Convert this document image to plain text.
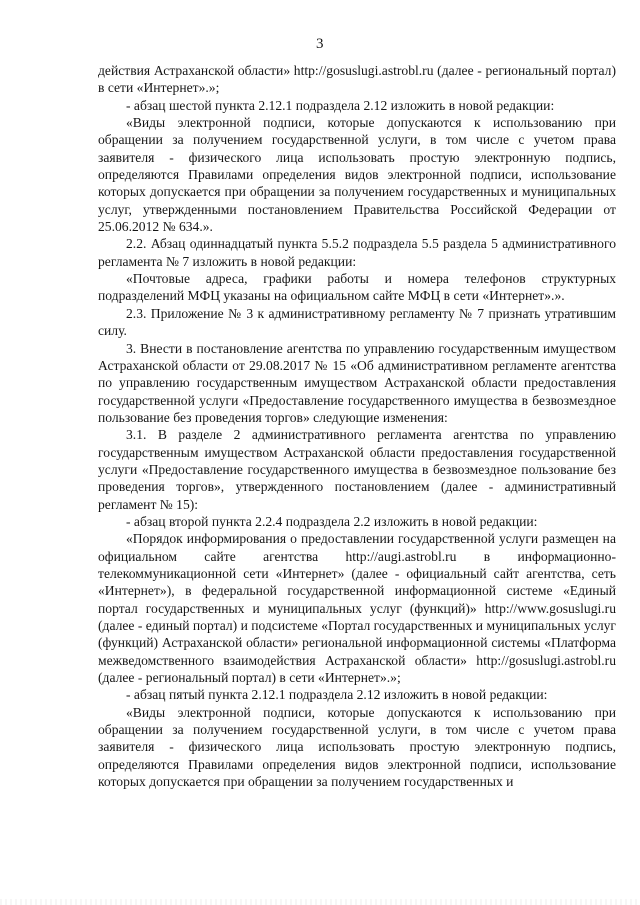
3

действия Астраханской области» http://gosuslugi.astrobl.ru (далее - региональный портал) в сети «Интернет».»;

- абзац шестой пункта 2.12.1 подраздела 2.12 изложить в новой редакции:

«Виды электронной подписи, которые допускаются к использованию при обращении за получением государственной услуги, в том числе с учетом права заявителя - физического лица использовать простую электронную подпись, определяются Правилами определения видов электронной подписи, использование которых допускается при обращении за получением государственных и муниципальных услуг, утвержденными постановлением Правительства Российской Федерации от 25.06.2012 № 634.».

2.2. Абзац одиннадцатый пункта 5.5.2 подраздела 5.5 раздела 5 административного регламента № 7 изложить в новой редакции:

«Почтовые адреса, графики работы и номера телефонов структурных подразделений МФЦ указаны на официальном сайте МФЦ в сети «Интернет».».

2.3. Приложение № 3 к административному регламенту № 7 признать утратившим силу.

3. Внести в постановление агентства по управлению государственным имуществом Астраханской области от 29.08.2017 № 15 «Об административном регламенте агентства по управлению государственным имуществом Астраханской области предоставления государственной услуги «Предоставление государственного имущества в безвозмездное пользование без проведения торгов» следующие изменения:

3.1. В разделе 2 административного регламента агентства по управлению государственным имуществом Астраханской области предоставления государственной услуги «Предоставление государственного имущества в безвозмездное пользование без проведения торгов», утвержденного постановлением (далее - административный регламент № 15):

- абзац второй пункта 2.2.4 подраздела 2.2 изложить в новой редакции:

«Порядок информирования о предоставлении государственной услуги размещен на официальном сайте агентства http://augi.astrobl.ru в информационно-телекоммуникационной сети «Интернет» (далее - официальный сайт агентства, сеть «Интернет»), в федеральной государственной информационной системе «Единый портал государственных и муниципальных услуг (функций)» http://www.gosuslugi.ru (далее - единый портал) и подсистеме «Портал государственных и муниципальных услуг (функций) Астраханской области» региональной информационной системы «Платформа межведомственного взаимодействия Астраханской области» http://gosuslugi.astrobl.ru (далее - региональный портал) в сети «Интернет».»;

- абзац пятый пункта 2.12.1 подраздела 2.12 изложить в новой редакции:

«Виды электронной подписи, которые допускаются к использованию при обращении за получением государственной услуги, в том числе с учетом права заявителя - физического лица использовать простую электронную подпись, определяются Правилами определения видов электронной подписи, использование которых допускается при обращении за получением государственных и
